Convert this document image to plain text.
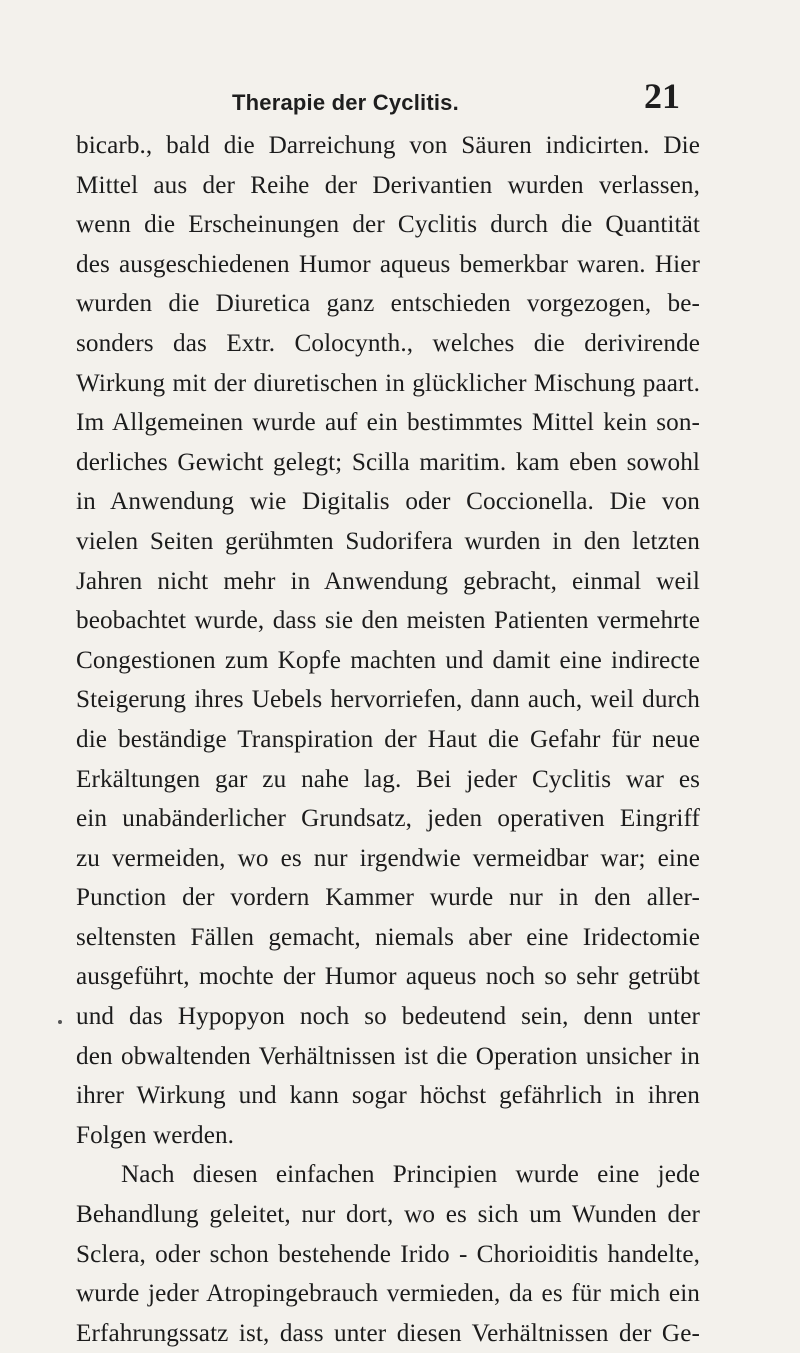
Therapie der Cyclitis.	21
bicarb., bald die Darreichung von Säuren indicirten. Die
Mittel aus der Reihe der Derivantien wurden verlassen,
wenn die Erscheinungen der Cyclitis durch die Quantität
des ausgeschiedenen Humor aqueus bemerkbar waren. Hier
wurden die Diuretica ganz entschieden vorgezogen, be-
sonders das Extr. Colocynth., welches die derivirende
Wirkung mit der diuretischen in glücklicher Mischung paart.
Im Allgemeinen wurde auf ein bestimmtes Mittel kein son-
derliches Gewicht gelegt; Scilla maritim. kam eben sowohl
in Anwendung wie Digitalis oder Coccionella. Die von
vielen Seiten gerühmten Sudorifera wurden in den letzten
Jahren nicht mehr in Anwendung gebracht, einmal weil
beobachtet wurde, dass sie den meisten Patienten vermehrte
Congestionen zum Kopfe machten und damit eine indirecte
Steigerung ihres Uebels hervorriefen, dann auch, weil durch
die beständige Transpiration der Haut die Gefahr für neue
Erkältungen gar zu nahe lag. Bei jeder Cyclitis war es
ein unabänderlicher Grundsatz, jeden operativen Eingriff
zu vermeiden, wo es nur irgendwie vermeidbar war; eine
Punction der vordern Kammer wurde nur in den aller-
seltensten Fällen gemacht, niemals aber eine Iridectomie
ausgeführt, mochte der Humor aqueus noch so sehr getrübt
und das Hypopyon noch so bedeutend sein, denn unter
den obwaltenden Verhältnissen ist die Operation unsicher in
ihrer Wirkung und kann sogar höchst gefährlich in ihren
Folgen werden.
Nach diesen einfachen Principien wurde eine jede
Behandlung geleitet, nur dort, wo es sich um Wunden der
Sclera, oder schon bestehende Irido - Chorioiditis handelte,
wurde jeder Atropingebrauch vermieden, da es für mich ein
Erfahrungssatz ist, dass unter diesen Verhältnissen der Ge-
